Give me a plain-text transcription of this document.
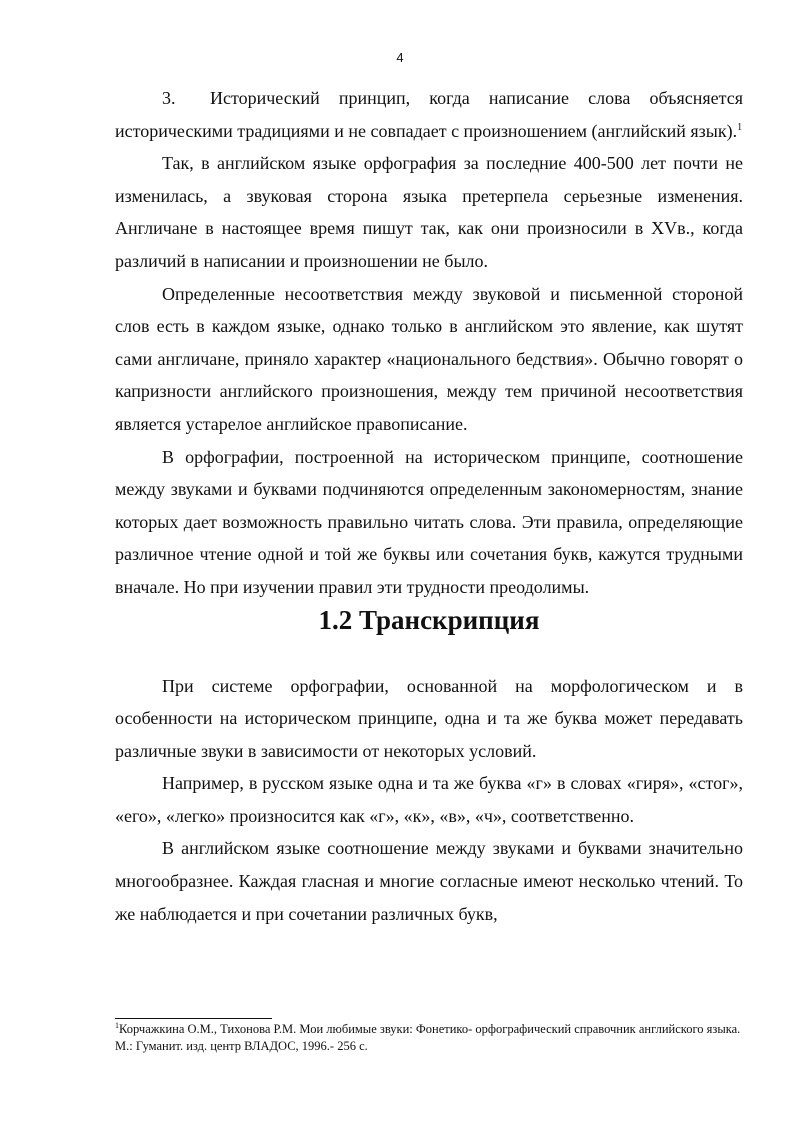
4

3. Исторический принцип, когда написание слова объясняется историческими традициями и не совпадает с произношением (английский язык).$^1$

Так, в английском языке орфография за последние 400-500 лет почти не изменилась, а звуковая сторона языка претерпела серьезные изменения. Англичане в настоящее время пишут так, как они произносили в XVв., когда различий в написании и произношении не было.

Определенные несоответствия между звуковой и письменной стороной слов есть в каждом языке, однако только в английском это явление, как шутят сами англичане, приняло характер «национального бедствия». Обычно говорят о капризности английского произношения, между тем причиной несоответствия является устарелое английское правописание.

В орфографии, построенной на историческом принципе, соотношение между звуками и буквами подчиняются определенным закономерностям, знание которых дает возможность правильно читать слова. Эти правила, определяющие различное чтение одной и той же буквы или сочетания букв, кажутся трудными вначале. Но при изучении правил эти трудности преодолимы.

1.2 Транскрипция

При системе орфографии, основанной на морфологическом и в особенности на историческом принципе, одна и та же буква может передавать различные звуки в зависимости от некоторых условий.

Например, в русском языке одна и та же буква «г» в словах «гиря», «стог», «его», «легко» произносится как «г», «к», «в», «ч», соответственно.

В английском языке соотношение между звуками и буквами значительно многообразнее. Каждая гласная и многие согласные имеют несколько чтений. То же наблюдается и при сочетании различных букв,

$^1$Корчажкина О.М., Тихонова Р.М. Мои любимые звуки: Фонетико- орфографический справочник английского языка. М.: Гуманит. изд. центр ВЛАДОС, 1996.- 256 с.
